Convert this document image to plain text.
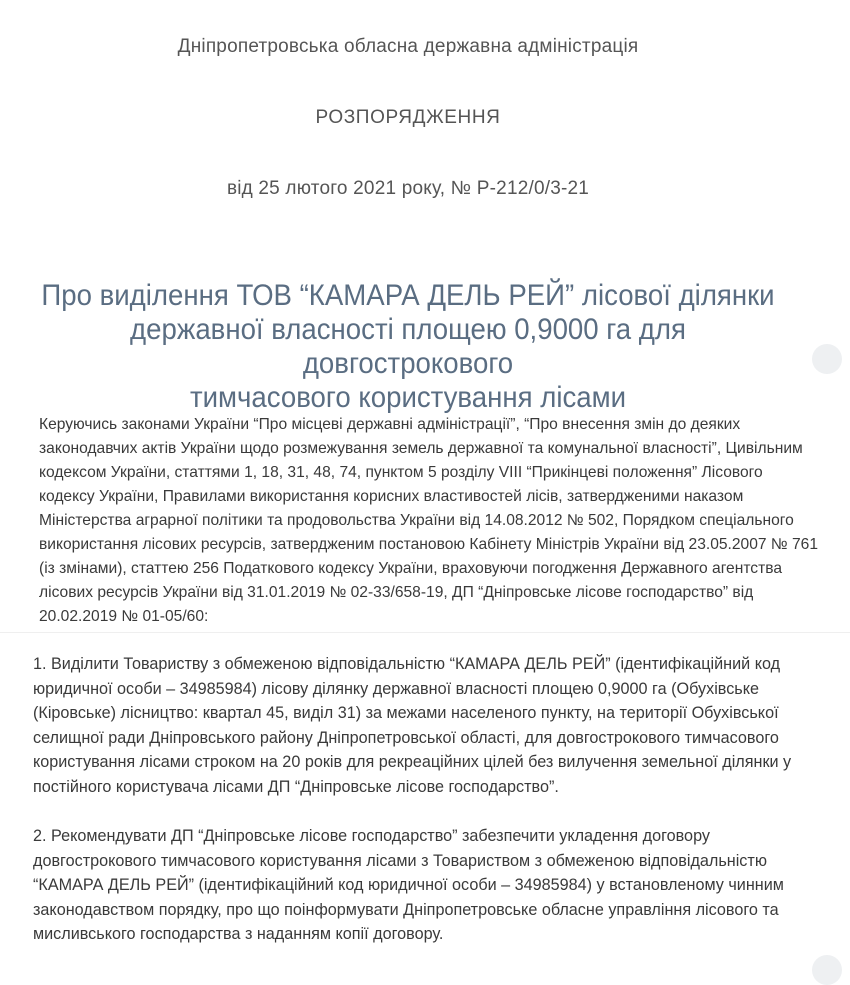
Дніпропетровська обласна державна адміністрація
РОЗПОРЯДЖЕННЯ
від 25 лютого 2021 року, № Р-212/0/3-21
Про виділення ТОВ “КАМАРА ДЕЛЬ РЕЙ” лісової ділянки
державної власності площею 0,9000 га для довгострокового
тимчасового користування лісами

Керуючись законами України “Про місцеві державні адміністрації”, “Про внесення змін до деяких законодавчих актів України щодо розмежування земель державної та комунальної власності”, Цивільним кодексом України, статтями 1, 18, 31, 48, 74, пунктом 5 розділу VIII “Прикінцеві положення” Лісового кодексу України, Правилами використання корисних властивостей лісів, затвердженими наказом Міністерства аграрної політики та продовольства України від 14.08.2012 № 502, Порядком спеціального використання лісових ресурсів, затвердженим постановою Кабінету Міністрів України від 23.05.2007 № 761 (із змінами), статтею 256 Податкового кодексу України, враховуючи погодження Державного агентства лісових ресурсів України від 31.01.2019 № 02-33/658-19, ДП “Дніпровське лісове господарство” від 20.02.2019 № 01-05/60:

1. Виділити Товариству з обмеженою відповідальністю “КАМАРА ДЕЛЬ РЕЙ” (ідентифікаційний код юридичної особи – 34985984) лісову ділянку державної власності площею 0,9000 га (Обухівське (Кіровське) лісництво: квартал 45, виділ 31) за межами населеного пункту, на території Обухівської селищної ради Дніпровського району Дніпропетровської області, для довгострокового тимчасового користування лісами строком на 20 років для рекреаційних цілей без вилучення земельної ділянки у постійного користувача лісами ДП “Дніпровське лісове господарство”.

2. Рекомендувати ДП “Дніпровське лісове господарство” забезпечити укладення договору довгострокового тимчасового користування лісами з Товариством з обмеженою відповідальністю “КАМАРА ДЕЛЬ РЕЙ” (ідентифікаційний код юридичної особи – 34985984) у встановленому чинним законодавством порядку, про що поінформувати Дніпропетровське обласне управління лісового та мисливського господарства з наданням копії договору.
